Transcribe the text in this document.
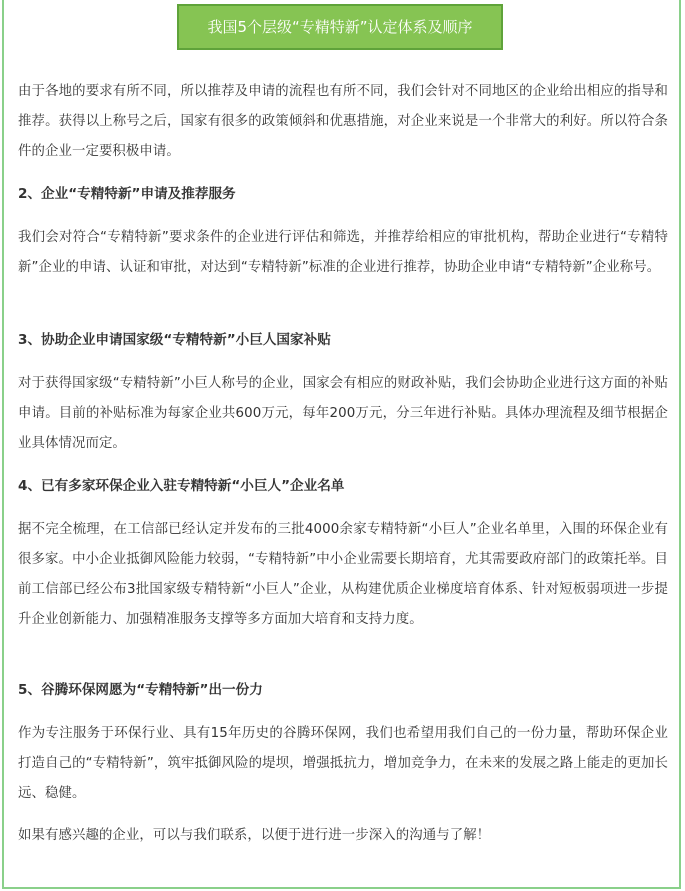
我国5个层级“专精特新”认定体系及顺序
由于各地的要求有所不同，所以推荐及申请的流程也有所不同，我们会针对不同地区的企业给出相应的指导和推荐。获得以上称号之后，国家有很多的政策倾斜和优惠措施，对企业来说是一个非常大的利好。所以符合条件的企业一定要积极申请。
2、企业“专精特新”申请及推荐服务
我们会对符合“专精特新”要求条件的企业进行评估和筛选，并推荐给相应的审批机构，帮助企业进行“专精特新”企业的申请、认证和审批，对达到“专精特新”标准的企业进行推荐，协助企业申请“专精特新”企业称号。
3、协助企业申请国家级“专精特新”小巨人国家补贴
对于获得国家级“专精特新”小巨人称号的企业，国家会有相应的财政补贴，我们会协助企业进行这方面的补贴申请。目前的补贴标准为每家企业共600万元，每年200万元，分三年进行补贴。具体办理流程及细节根据企业具体情况而定。
4、已有多家环保企业入驻专精特新“小巨人”企业名单
据不完全梳理，在工信部已经认定并发布的三批4000余家专精特新“小巨人”企业名单里，入围的环保企业有很多家。中小企业抵御风险能力较弱，“专精特新”中小企业需要长期培育，尤其需要政府部门的政策托举。目前工信部已经公布3批国家级专精特新“小巨人”企业，从构建优质企业梯度培育体系、针对短板弱项进一步提升企业创新能力、加强精准服务支撑等多方面加大培育和支持力度。
5、谷腾环保网愿为“专精特新”出一份力
作为专注服务于环保行业、具有15年历史的谷腾环保网，我们也希望用我们自己的一份力量，帮助环保企业打造自己的“专精特新”，筑牢抵御风险的堤坝，增强抵抗力，增加竞争力，在未来的发展之路上能走的更加长远、稳健。
如果有感兴趣的企业，可以与我们联系，以便于进行进一步深入的沟通与了解！
